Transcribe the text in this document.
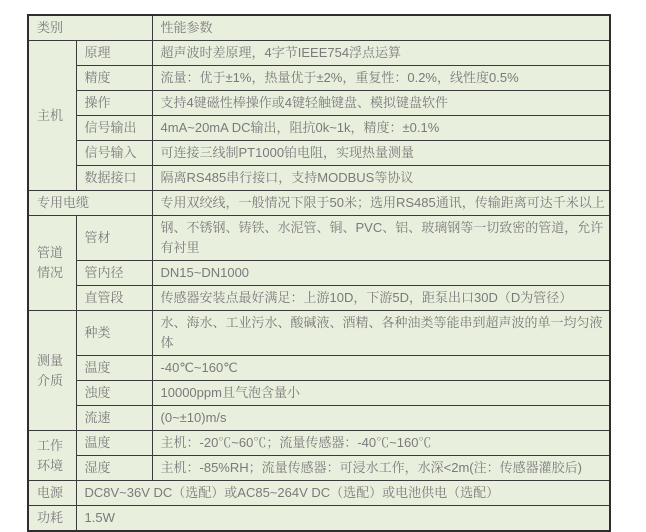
类别		性能参数
主机	原理	超声波时差原理，4字节IEEE754浮点运算
	精度	流量：优于±1%，热量优于±2%，重复性：0.2%，线性度0.5%
	操作	支持4键磁性棒操作或4键轻触键盘、模拟键盘软件
	信号输出	4mA~20mA DC输出，阻抗0k~1k，精度：±0.1%
	信号输入	可连接三线制PT1000铂电阻，实现热量测量
	数据接口	隔离RS485串行接口，支持MODBUS等协议
专用电缆		专用双绞线，一般情况下限于50米；选用RS485通讯，传输距离可达千米以上
管道情况	管材	钢、不锈钢、铸铁、水泥管、铜、PVC、铝、玻璃钢等一切致密的管道，允许有衬里
	管内径	DN15~DN1000
	直管段	传感器安装点最好满足：上游10D，下游5D，距泵出口30D（D为管径）
测量介质	种类	水、海水、工业污水、酸碱液、酒精、各种油类等能串到超声波的单一均匀液体
	温度	-40℃~160℃
	浊度	10000ppm且气泡含量小
	流速	(0~±10)m/s
工作环境	温度	主机：-20℃~60℃；流量传感器：-40℃~160℃
	湿度	主机：-85%RH；流量传感器：可浸水工作，水深<2m(注：传感器灌胶后)
电源	DC8V~36V DC（选配）或AC85~264V DC（选配）或电池供电（选配）	
功耗	1.5W	
